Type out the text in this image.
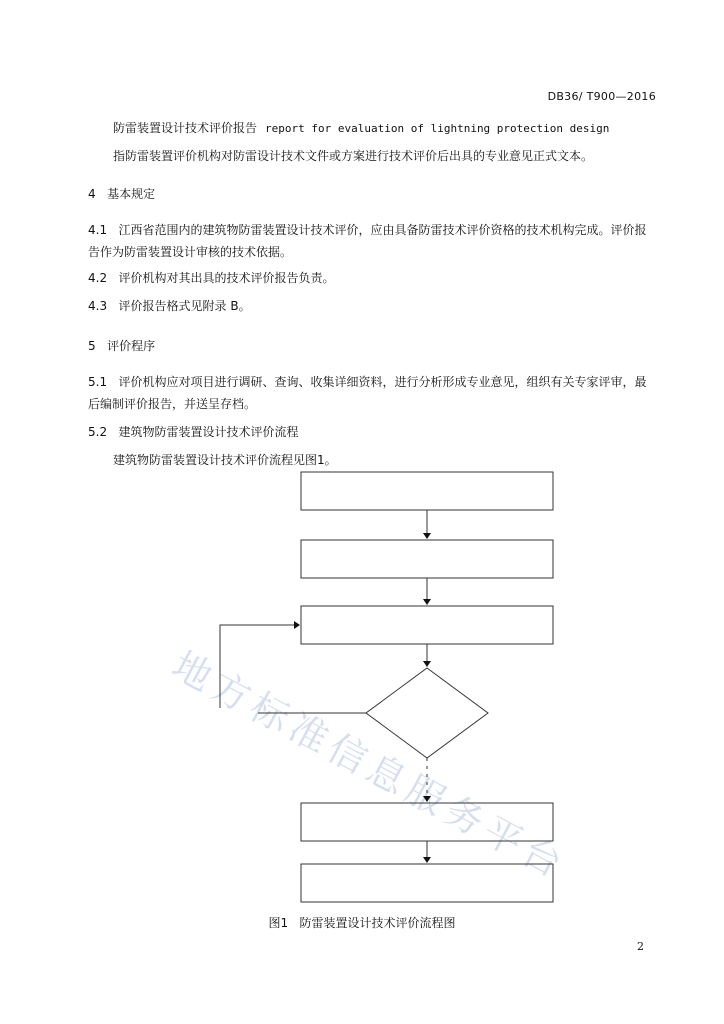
DB36/ T900—2016
防雷装置设计技术评价报告 report for evaluation of lightning protection design
指防雷装置评价机构对防雷设计技术文件或方案进行技术评价后出具的专业意见正式文本。
4 基本规定
4.1 江西省范围内的建筑物防雷装置设计技术评价，应由具备防雷技术评价资格的技术机构完成。评价报告作为防雷装置设计审核的技术依据。
4.2 评价机构对其出具的技术评价报告负责。
4.3 评价报告格式见附录 B。
5 评价程序
5.1 评价机构应对项目进行调研、查询、收集详细资料，进行分析形成专业意见，组织有关专家评审，最后编制评价报告，并送呈存档。
5.2 建筑物防雷装置设计技术评价流程
建筑物防雷装置设计技术评价流程见图1。
地方标准信息服务平台
图1 防雷装置设计技术评价流程图
2
